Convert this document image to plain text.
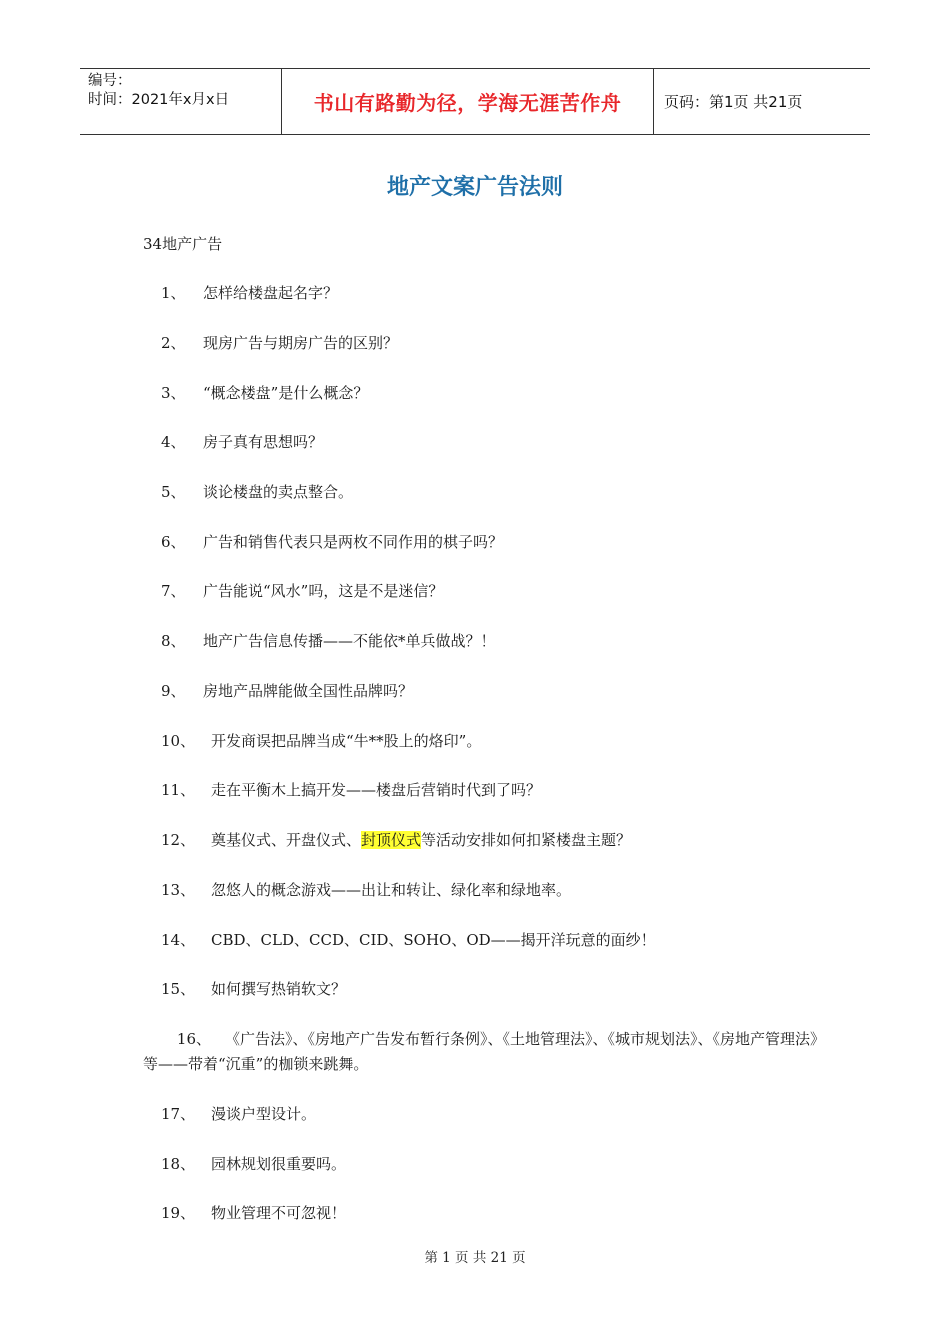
编号：
时间：2021年x月x日	书山有路勤为径，学海无涯苦作舟	页码：第1页 共21页
地产文案广告法则
34地产广告
1、 怎样给楼盘起名字？
2、 现房广告与期房广告的区别？
3、 “概念楼盘”是什么概念？
4、 房子真有思想吗？
5、 谈论楼盘的卖点整合。
6、 广告和销售代表只是两枚不同作用的棋子吗？
7、 广告能说“风水”吗，这是不是迷信？
8、 地产广告信息传播——不能依*单兵做战？！
9、 房地产品牌能做全国性品牌吗？
10、 开发商误把品牌当成“牛**股上的烙印”。
11、 走在平衡木上搞开发——楼盘后营销时代到了吗？
12、 奠基仪式、开盘仪式、封顶仪式等活动安排如何扣紧楼盘主题？
13、 忽悠人的概念游戏——出让和转让、绿化率和绿地率。
14、 CBD、CLD、CCD、CID、SOHO、OD——揭开洋玩意的面纱！
15、 如何撰写热销软文？
16、 《广告法》、《房地产广告发布暂行条例》、《土地管理法》、《城市规划法》、《房地产管理法》等——带着“沉重”的枷锁来跳舞。
17、 漫谈户型设计。
18、 园林规划很重要吗。
19、 物业管理不可忽视！
第 1 页 共 21 页
